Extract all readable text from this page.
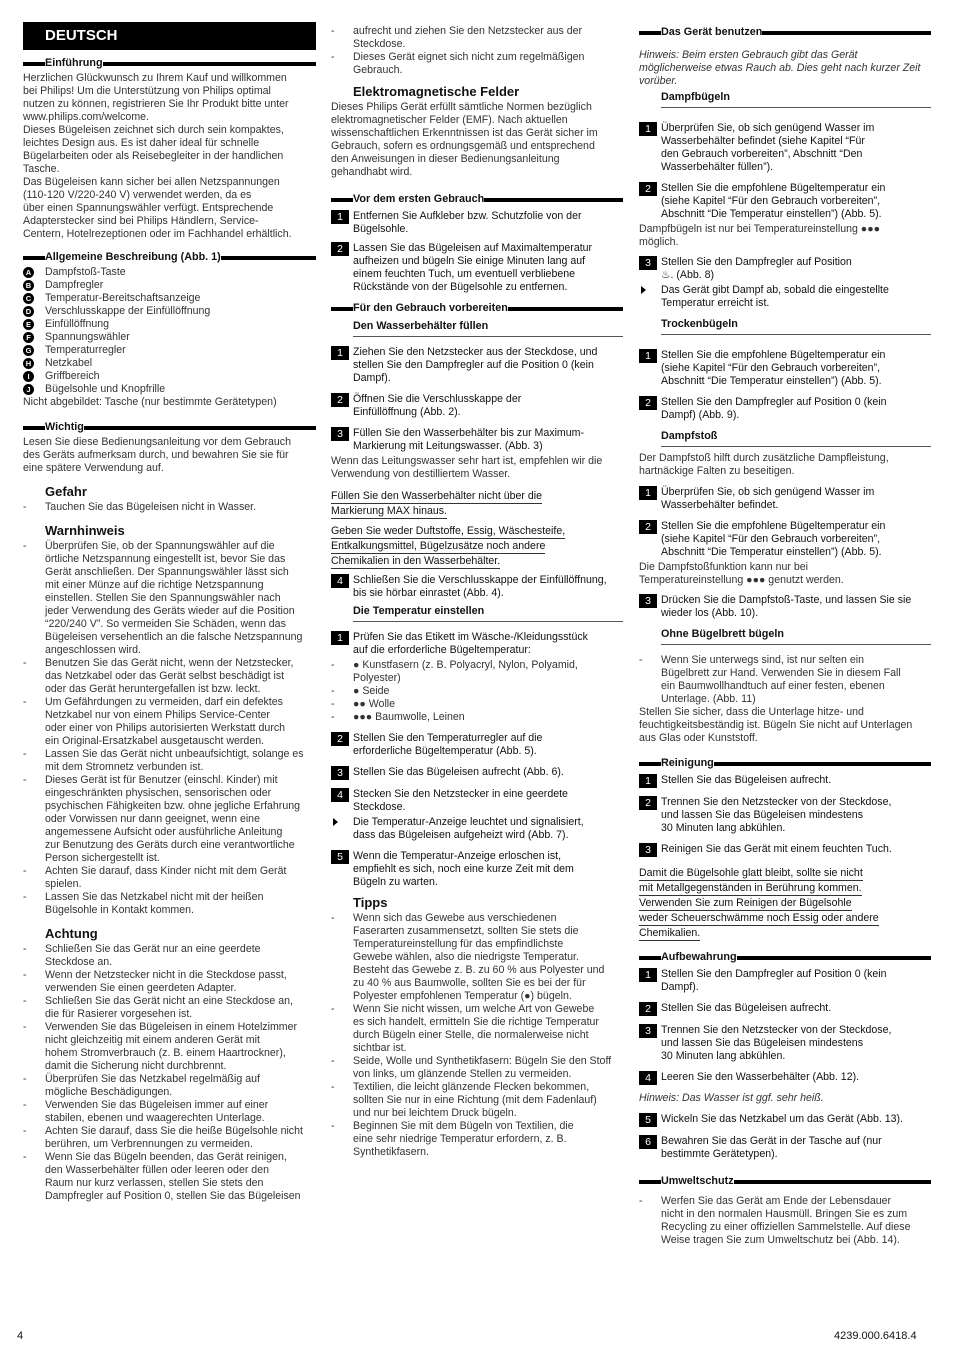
DEUTSCH
Einführung

Herzlichen Glückwunsch zu Ihrem Kauf und willkommen
bei Philips! Um die Unterstützung von Philips optimal
nutzen zu können, registrieren Sie Ihr Produkt bitte unter
www.philips.com/welcome.
Dieses Bügeleisen zeichnet sich durch sein kompaktes,
leichtes Design aus. Es ist daher ideal für schnelle
Bügelarbeiten oder als Reisebegleiter in der handlichen
Tasche.
Das Bügeleisen kann sicher bei allen Netzspannungen
(110-120 V/220-240 V) verwendet werden, da es
über einen Spannungswähler verfügt. Entsprechende
Adapterstecker sind bei Philips Händlern, Service-
Centern, Hotelrezeptionen oder im Fachhandel erhältlich.

Allgemeine Beschreibung (Abb. 1)
A Dampfstoß-Taste
B Dampfregler
C Temperatur-Bereitschaftsanzeige
D Verschlusskappe der Einfüllöffnung
E Einfüllöffnung
F	Spannungswähler
G Temperaturregler
H Netzkabel
I	Griffbereich
J	Bügelsohle und Knopfrille

Nicht abgebildet: Tasche (nur bestimmte Gerätetypen)

Wichtig

Lesen Sie diese Bedienungsanleitung vor dem Gebrauch
des Geräts aufmerksam durch, und bewahren Sie sie für
eine spätere Verwendung auf.

Gefahr
- Tauchen Sie das Bügeleisen nicht in Wasser.
Warnhinweis
- Überprüfen Sie, ob der Spannungswähler auf die
örtliche Netzspannung eingestellt ist, bevor Sie das
Gerät anschließen. Der Spannungswähler lässt sich
mit einer Münze auf die richtige Netzspannung
einstellen. Stellen Sie den Spannungswähler nach
jeder Verwendung des Geräts wieder auf die Position
“220/240 V”. So vermeiden Sie Schäden, wenn das
Bügeleisen versehentlich an die falsche Netzspannung
angeschlossen wird.
- Benutzen Sie das Gerät nicht, wenn der Netzstecker,
das Netzkabel oder das Gerät selbst beschädigt ist
oder das Gerät heruntergefallen ist bzw. leckt.
- Um Gefährdungen zu vermeiden, darf ein defektes
Netzkabel nur von einem Philips Service-Center
oder einer von Philips autorisierten Werkstatt durch
ein Original-Ersatzkabel ausgetauscht werden.
- Lassen Sie das Gerät nicht unbeaufsichtigt, solange es
mit dem Stromnetz verbunden ist.
- Dieses Gerät ist für Benutzer (einschl. Kinder) mit
eingeschränkten physischen, sensorischen oder
psychischen Fähigkeiten bzw. ohne jegliche Erfahrung
oder Vorwissen nur dann geeignet, wenn eine
angemessene Aufsicht oder ausführliche Anleitung
zur Benutzung des Geräts durch eine verantwortliche
Person sichergestellt ist.
- Achten Sie darauf, dass Kinder nicht mit dem Gerät
spielen.
- Lassen Sie das Netzkabel nicht mit der heißen
Bügelsohle in Kontakt kommen.
Achtung
- Schließen Sie das Gerät nur an eine geerdete
Steckdose an.
- Wenn der Netzstecker nicht in die Steckdose passt,
verwenden Sie einen geerdeten Adapter.
- Schließen Sie das Gerät nicht an eine Steckdose an,
die für Rasierer vorgesehen ist.
- Verwenden Sie das Bügeleisen in einem Hotelzimmer
nicht gleichzeitig mit einem anderen Gerät mit
hohem Stromverbrauch (z. B. einem Haartrockner),
damit die Sicherung nicht durchbrennt.
- Überprüfen Sie das Netzkabel regelmäßig auf
mögliche Beschädigungen.
- Verwenden Sie das Bügeleisen immer auf einer
stabilen, ebenen und waagerechten Unterlage.
- Achten Sie darauf, dass Sie die heiße Bügelsohle nicht
berühren, um Verbrennungen zu vermeiden.
- Wenn Sie das Bügeln beenden, das Gerät reinigen,
den Wasserbehälter füllen oder leeren oder den
Raum nur kurz verlassen, stellen Sie stets den
Dampfregler auf Position 0, stellen Sie das Bügeleisen
- aufrecht und ziehen Sie den Netzstecker aus der
Steckdose.
- Dieses Gerät eignet sich nicht zum regelmäßigen
Gebrauch.
Elektromagnetische Felder

Dieses Philips Gerät erfüllt sämtliche Normen bezüglich
elektromagnetischer Felder (EMF). Nach aktuellen
wissenschaftlichen Erkenntnissen ist das Gerät sicher im
Gebrauch, sofern es ordnungsgemäß und entsprechend
den Anweisungen in dieser Bedienungsanleitung
gehandhabt wird.

Vor dem ersten Gebrauch
1 Entfernen Sie Aufkleber bzw. Schutzfolie von der
Bügelsohle.
2 Lassen Sie das Bügeleisen auf Maximaltemperatur
aufheizen und bügeln Sie einige Minuten lang auf
einem feuchten Tuch, um eventuell verbliebene
Rückstände von der Bügelsohle zu entfernen.
Für den Gebrauch vorbereiten
Den Wasserbehälter füllen
1 Ziehen Sie den Netzstecker aus der Steckdose, und
stellen Sie den Dampfregler auf die Position 0 (kein
Dampf).
2 Öffnen Sie die Verschlusskappe der
Einfüllöffnung (Abb. 2).
3 Füllen Sie den Wasserbehälter bis zur Maximum-
Markierung mit Leitungswasser. (Abb. 3)

Wenn das Leitungswasser sehr hart ist, empfehlen wir die
Verwendung von destilliertem Wasser.

Füllen Sie den Wasserbehälter nicht über die
Markierung MAX hinaus.
Geben Sie weder Duftstoffe, Essig, Wäschesteife,
Entkalkungsmittel, Bügelzusätze noch andere
Chemikalien in den Wasserbehälter.
4 Schließen Sie die Verschlusskappe der Einfüllöffnung,
bis sie hörbar einrastet (Abb. 4).
Die Temperatur einstellen
1 Prüfen Sie das Etikett im Wäsche-/Kleidungsstück
auf die erforderliche Bügeltemperatur:
- ● Kunstfasern (z. B. Polyacryl, Nylon, Polyamid,
Polyester)
- ● Seide
- ●● Wolle
- ●●● Baumwolle, Leinen
2 Stellen Sie den Temperaturregler auf die
erforderliche Bügeltemperatur (Abb. 5).
3 Stellen Sie das Bügeleisen aufrecht (Abb. 6).
4 Stecken Sie den Netzstecker in eine geerdete
Steckdose.
Die Temperatur-Anzeige leuchtet und signalisiert,
dass das Bügeleisen aufgeheizt wird (Abb. 7).
5 Wenn die Temperatur-Anzeige erloschen ist,
empfiehlt es sich, noch eine kurze Zeit mit dem
Bügeln zu warten.
Tipps
- Wenn sich das Gewebe aus verschiedenen
Faserarten zusammensetzt, sollten Sie stets die
Temperatureinstellung für das empfindlichste
Gewebe wählen, also die niedrigste Temperatur.
Besteht das Gewebe z. B. zu 60 % aus Polyester und
zu 40 % aus Baumwolle, sollten Sie es bei der für
Polyester empfohlenen Temperatur (●) bügeln.
- Wenn Sie nicht wissen, um welche Art von Gewebe
es sich handelt, ermitteln Sie die richtige Temperatur
durch Bügeln einer Stelle, die normalerweise nicht
sichtbar ist.
- Seide, Wolle und Synthetikfasern: Bügeln Sie den Stoff
von links, um glänzende Stellen zu vermeiden.
- Textilien, die leicht glänzende Flecken bekommen,
sollten Sie nur in eine Richtung (mit dem Fadenlauf)
und nur bei leichtem Druck bügeln.
- Beginnen Sie mit dem Bügeln von Textilien, die
eine sehr niedrige Temperatur erfordern, z. B.
Synthetikfasern.
Das Gerät benutzen

Hinweis: Beim ersten Gebrauch gibt das Gerät
möglicherweise etwas Rauch ab. Dies geht nach kurzer Zeit
vorüber.

Dampfbügeln
1 Überprüfen Sie, ob sich genügend Wasser im
Wasserbehälter befindet (siehe Kapitel “Für
den Gebrauch vorbereiten”, Abschnitt “Den
Wasserbehälter füllen”).
2 Stellen Sie die empfohlene Bügeltemperatur ein
(siehe Kapitel “Für den Gebrauch vorbereiten”,
Abschnitt “Die Temperatur einstellen”) (Abb. 5).

Dampfbügeln ist nur bei Temperatureinstellung ●●●
möglich.

3 Stellen Sie den Dampfregler auf Position
♨. (Abb. 8)
Das Gerät gibt Dampf ab, sobald die eingestellte
Temperatur erreicht ist.
Trockenbügeln
1 Stellen Sie die empfohlene Bügeltemperatur ein
(siehe Kapitel “Für den Gebrauch vorbereiten”,
Abschnitt “Die Temperatur einstellen”) (Abb. 5).
2 Stellen Sie den Dampfregler auf Position 0 (kein
Dampf) (Abb. 9).
Dampfstoß

Der Dampfstoß hilft durch zusätzliche Dampfleistung,
hartnäckige Falten zu beseitigen.

1 Überprüfen Sie, ob sich genügend Wasser im
Wasserbehälter befindet.
2 Stellen Sie die empfohlene Bügeltemperatur ein
(siehe Kapitel “Für den Gebrauch vorbereiten”,
Abschnitt “Die Temperatur einstellen”) (Abb. 5).

Die Dampfstoßfunktion kann nur bei
Temperatureinstellung ●●● genutzt werden.

3 Drücken Sie die Dampfstoß-Taste, und lassen Sie sie
wieder los (Abb. 10).
Ohne Bügelbrett bügeln
- Wenn Sie unterwegs sind, ist nur selten ein
Bügelbrett zur Hand. Verwenden Sie in diesem Fall
ein Baumwollhandtuch auf einer festen, ebenen
Unterlage. (Abb. 11)

Stellen Sie sicher, dass die Unterlage hitze- und
feuchtigkeitsbeständig ist. Bügeln Sie nicht auf Unterlagen
aus Glas oder Kunststoff.

Reinigung
1 Stellen Sie das Bügeleisen aufrecht.
2 Trennen Sie den Netzstecker von der Steckdose,
und lassen Sie das Bügeleisen mindestens
30 Minuten lang abkühlen.
3 Reinigen Sie das Gerät mit einem feuchten Tuch.
Damit die Bügelsohle glatt bleibt, sollte sie nicht
mit Metallgegenständen in Berührung kommen.
Verwenden Sie zum Reinigen der Bügelsohle
weder Scheuerschwämme noch Essig oder andere
Chemikalien.
Aufbewahrung
1 Stellen Sie den Dampfregler auf Position 0 (kein
Dampf).
2 Stellen Sie das Bügeleisen aufrecht.
3 Trennen Sie den Netzstecker von der Steckdose,
und lassen Sie das Bügeleisen mindestens
30 Minuten lang abkühlen.
4 Leeren Sie den Wasserbehälter (Abb. 12).

Hinweis: Das Wasser ist ggf. sehr heiß.

5 Wickeln Sie das Netzkabel um das Gerät (Abb. 13).
6 Bewahren Sie das Gerät in der Tasche auf (nur
bestimmte Gerätetypen).
Umweltschutz
- Werfen Sie das Gerät am Ende der Lebensdauer
nicht in den normalen Hausmüll. Bringen Sie es zum
Recycling zu einer offiziellen Sammelstelle. Auf diese
Weise tragen Sie zum Umweltschutz bei (Abb. 14).
4	4239.000.6418.4
